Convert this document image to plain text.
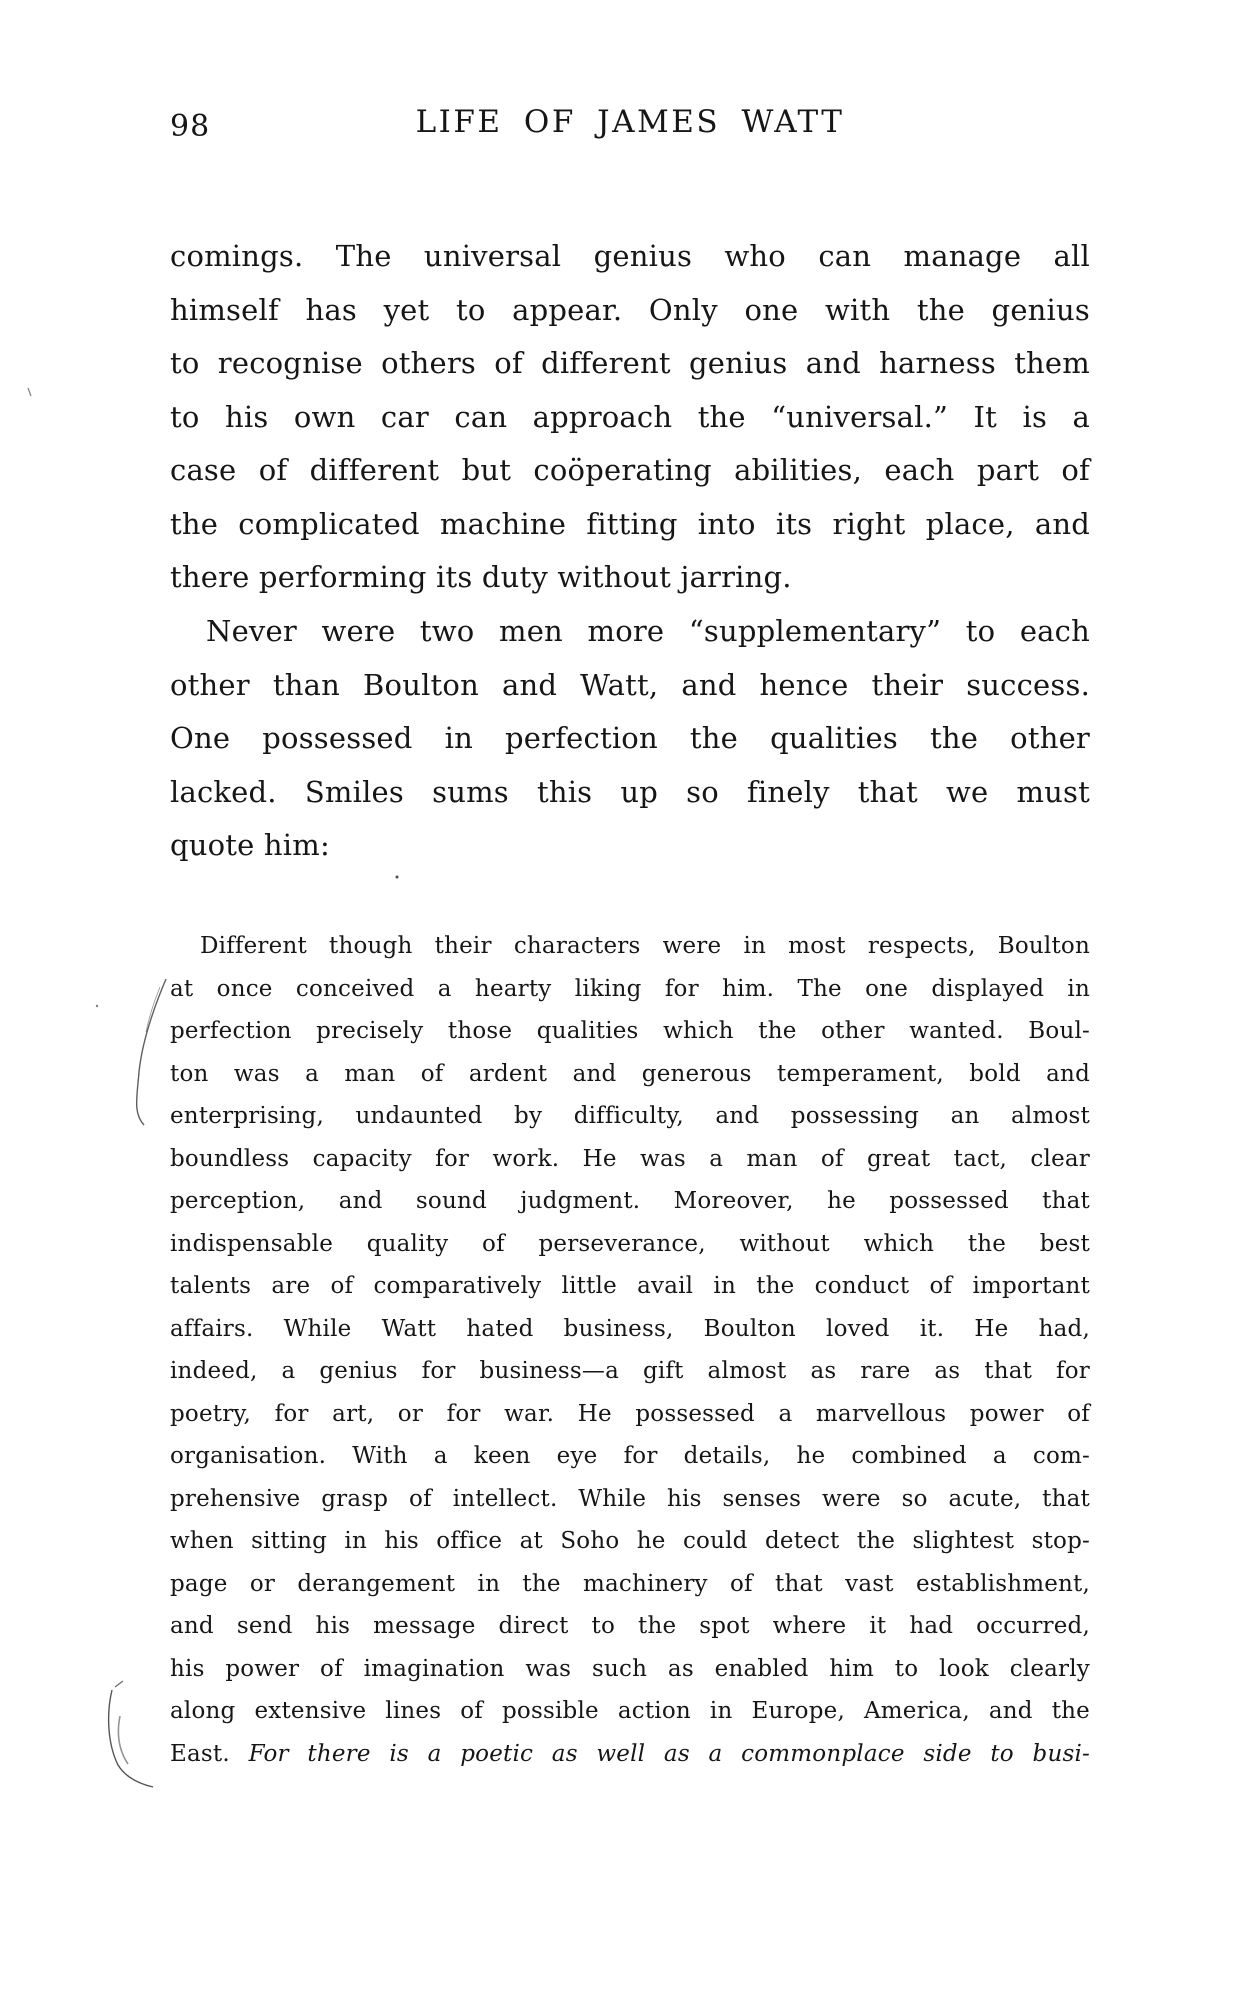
98	LIFE OF JAMES WATT
comings. The universal genius who can manage all
himself has yet to appear. Only one with the genius
to recognise others of different genius and harness them
to his own car can approach the “universal.” It is a
case of different but coöperating abilities, each part of
the complicated machine fitting into its right place, and
there performing its duty without jarring.
Never were two men more “supplementary” to each
other than Boulton and Watt, and hence their success.
One possessed in perfection the qualities the other
lacked. Smiles sums this up so finely that we must
quote him:
Different though their characters were in most respects, Boulton
at once conceived a hearty liking for him. The one displayed in
perfection precisely those qualities which the other wanted. Boul-
ton was a man of ardent and generous temperament, bold and
enterprising, undaunted by difficulty, and possessing an almost
boundless capacity for work. He was a man of great tact, clear
perception, and sound judgment. Moreover, he possessed that
indispensable quality of perseverance, without which the best
talents are of comparatively little avail in the conduct of important
affairs. While Watt hated business, Boulton loved it. He had,
indeed, a genius for business—a gift almost as rare as that for
poetry, for art, or for war. He possessed a marvellous power of
organisation. With a keen eye for details, he combined a com-
prehensive grasp of intellect. While his senses were so acute, that
when sitting in his office at Soho he could detect the slightest stop-
page or derangement in the machinery of that vast establishment,
and send his message direct to the spot where it had occurred,
his power of imagination was such as enabled him to look clearly
along extensive lines of possible action in Europe, America, and the
East. For there is a poetic as well as a commonplace side to busi-
